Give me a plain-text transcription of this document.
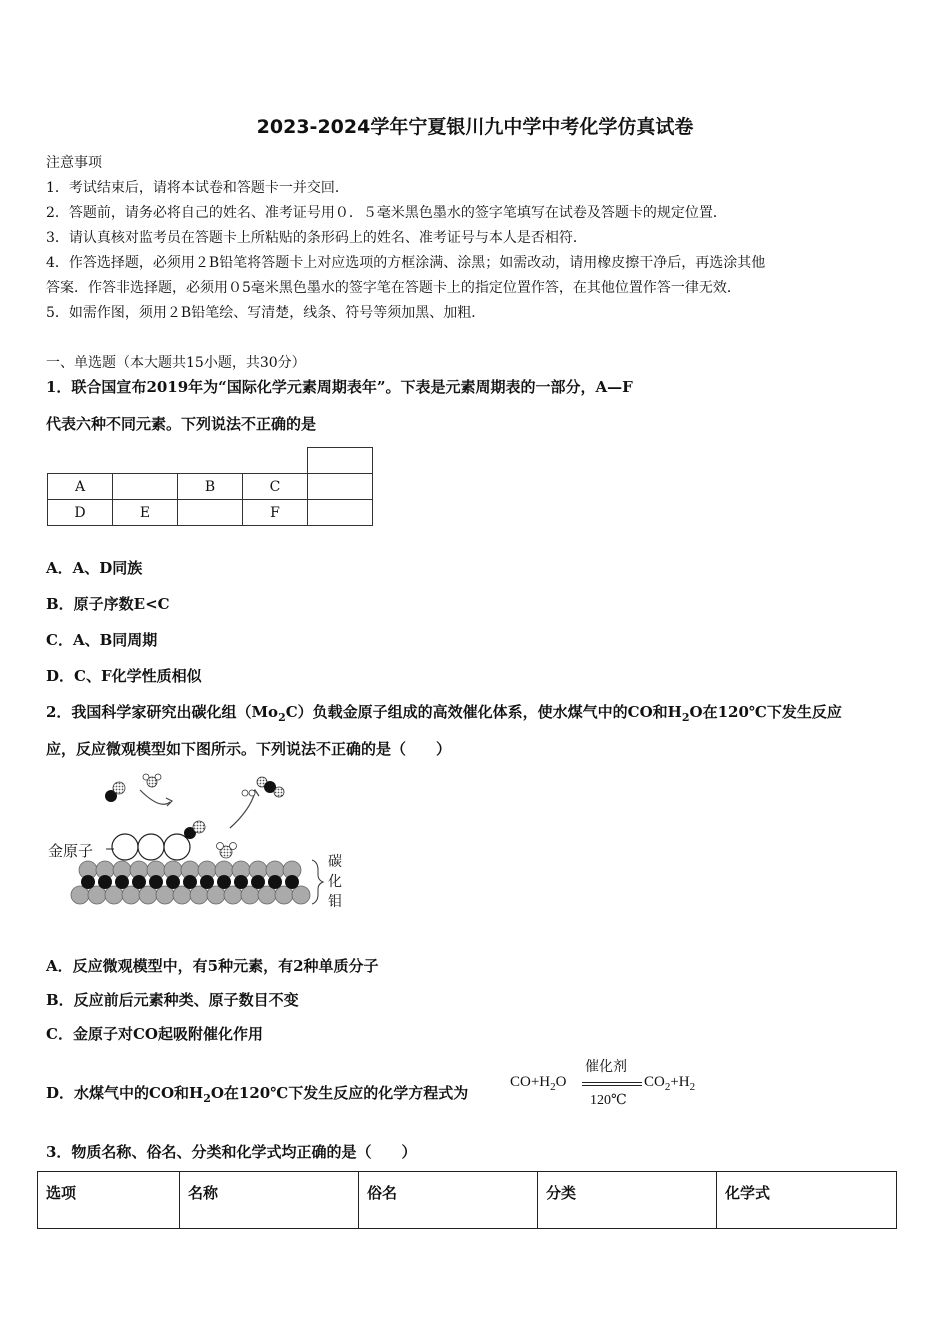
2023-2024学年宁夏银川九中学中考化学仿真试卷
注意事项
1．考试结束后，请将本试卷和答题卡一并交回．
2．答题前，请务必将自己的姓名、准考证号用０．５毫米黑色墨水的签字笔填写在试卷及答题卡的规定位置．
3．请认真核对监考员在答题卡上所粘贴的条形码上的姓名、准考证号与本人是否相符．
4．作答选择题，必须用２B铅笔将答题卡上对应选项的方框涂满、涂黑；如需改动，请用橡皮擦干净后，再选涂其他
答案．作答非选择题，必须用０5毫米黑色墨水的签字笔在答题卡上的指定位置作答，在其他位置作答一律无效．
5．如需作图，须用２B铅笔绘、写清楚，线条、符号等须加黑、加粗．
一、单选题（本大题共15小题，共30分）
1．联合国宣布2019年为“国际化学元素周期表年”。下表是元素周期表的一部分，A—F
代表六种不同元素。下列说法不正确的是

A		B	C	
D	E		F	
A．A、D同族
B．原子序数E<C
C．A、B同周期
D．C、F化学性质相似
2．我国科学家研究出碳化组$(Mo_2C)$负载金原子组成的高效催化体系，使水煤气中的CO和$H_2O$在120℃下发生反应
应，反应微观模型如下图所示。下列说法不正确的是（　　）
金原子
碳
化
钼
A．反应微观模型中，有5种元素，有2种单质分子
B．反应前后元素种类、原子数目不变
C．金原子对CO起吸附催化作用
D．水煤气中的CO和$H_2O$在120℃下发生反应的化学方程式为
$CO+H_2O$
催化剂
120℃
$CO_2+H_2$
3．物质名称、俗名、分类和化学式均正确的是（　　）
选项	名称	俗名	分类	化学式
